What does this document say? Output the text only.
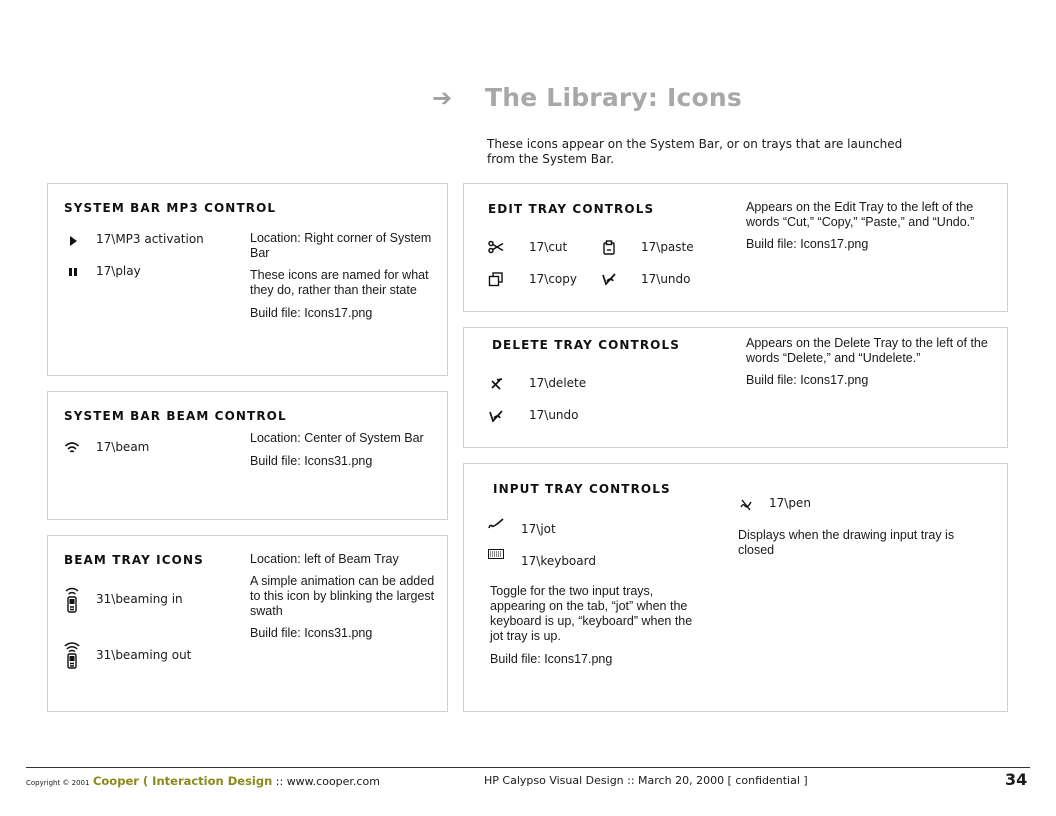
➔ The Library: Icons
These icons appear on the System Bar, or on trays that are launched
from the System Bar.
SYSTEM BAR MP3 CONTROL
17\MP3 activation
17\play

Location: Right corner of System Bar

These icons are named for what they do, rather than their state

Build file: Icons17.png

SYSTEM BAR BEAM CONTROL
17\beam

Location: Center of System Bar

Build file: Icons31.png

BEAM TRAY ICONS
31\beaming in
31\beaming out

Location: left of Beam Tray

A simple animation can be added to this icon by blinking the largest swath

Build file: Icons31.png

EDIT TRAY CONTROLS
17\cut	17\paste
17\copy	17\undo

Appears on the Edit Tray to the left of the words “Cut,” “Copy,” “Paste,” and “Undo.”

Build file: Icons17.png

DELETE TRAY CONTROLS
17\delete
17\undo

Appears on the Delete Tray to the left of the words “Delete,” and “Undelete.”

Build file: Icons17.png

INPUT TRAY CONTROLS
17\jot
17\keyboard

Toggle for the two input trays, appearing on the tab, “jot” when the keyboard is up, “keyboard” when the jot tray is up.

Build file: Icons17.png

17\pen

Displays when the drawing input tray is closed

Copyright © 2001 Cooper ( Interaction Design :: www.cooper.com	HP Calypso Visual Design :: March 20, 2000 [ confidential ]	34
